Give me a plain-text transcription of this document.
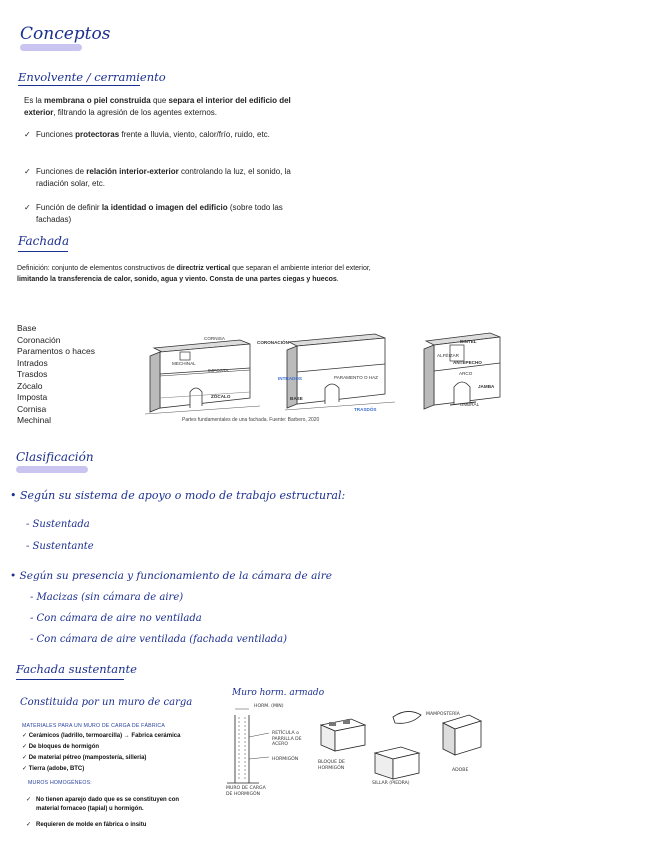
Conceptos
Envolvente / cerramiento
Es la membrana o piel construida que separa el interior del edificio del exterior, filtrando la agresión de los agentes externos.
✓ Funciones protectoras frente a lluvia, viento, calor/frío, ruido, etc.
✓ Funciones de relación interior-exterior controlando la luz, el sonido, la radiación solar, etc.
✓ Función de definir la identidad o imagen del edificio (sobre todo las fachadas)
Fachada
Definición: conjunto de elementos constructivos de directriz vertical que separan el ambiente interior del exterior, limitando la transferencia de calor, sonido, agua y viento. Consta de una partes ciegas y huecos.
Base
Coronación
Paramentos o haces
Intrados
Trasdos
Zócalo
Imposta
Cornisa
Mechinal
CORNISA
MECHINAL
IMPOSTA
ZÓCALO
CORONACIÓN
INTRADÓS	PARAMENTO O HAZ
BASE
TRASDÓS
DINTEL
ALFÉIZAR
ANTEPECHO
ARCO
JAMBA
UMBRAL
Partes fundamentales de una fachada. Fuente: Barbero, 2020
Clasificación
• Según su sistema de apoyo o modo de trabajo estructural:
- Sustentada
- Sustentante
• Según su presencia y funcionamiento de la cámara de aire
- Macizas (sin cámara de aire)
- Con cámara de aire no ventilada
- Con cámara de aire ventilada (fachada ventilada)
Fachada sustentante
Constituida por un muro de carga
Muro horm. armado
MATERIALES PARA UN MURO DE CARGA DE FÁBRICA
✓ Cerámicos (ladrillo, termoarcilla) → Fabrica cerámica
✓ De bloques de hormigón
✓ De material pétreo (mampostería, sillería)
✓ Tierra (adobe, BTC)
MUROS HOMOGÉNEOS:
✓ No tienen aparejo dado que es se constituyen con material fornaceo (tapial) u hormigón.
✓ Requieren de molde en fábrica o insitu
HORM. (MIN)
RETÍCULA o PARRILLA DE ACERO
HORMIGÓN
MURO DE CARGA DE HORMIGÓN
BLOQUE DE HORMIGÓN
MAMPOSTERÍA
ADOBE
SILLAR (PIEDRA)
